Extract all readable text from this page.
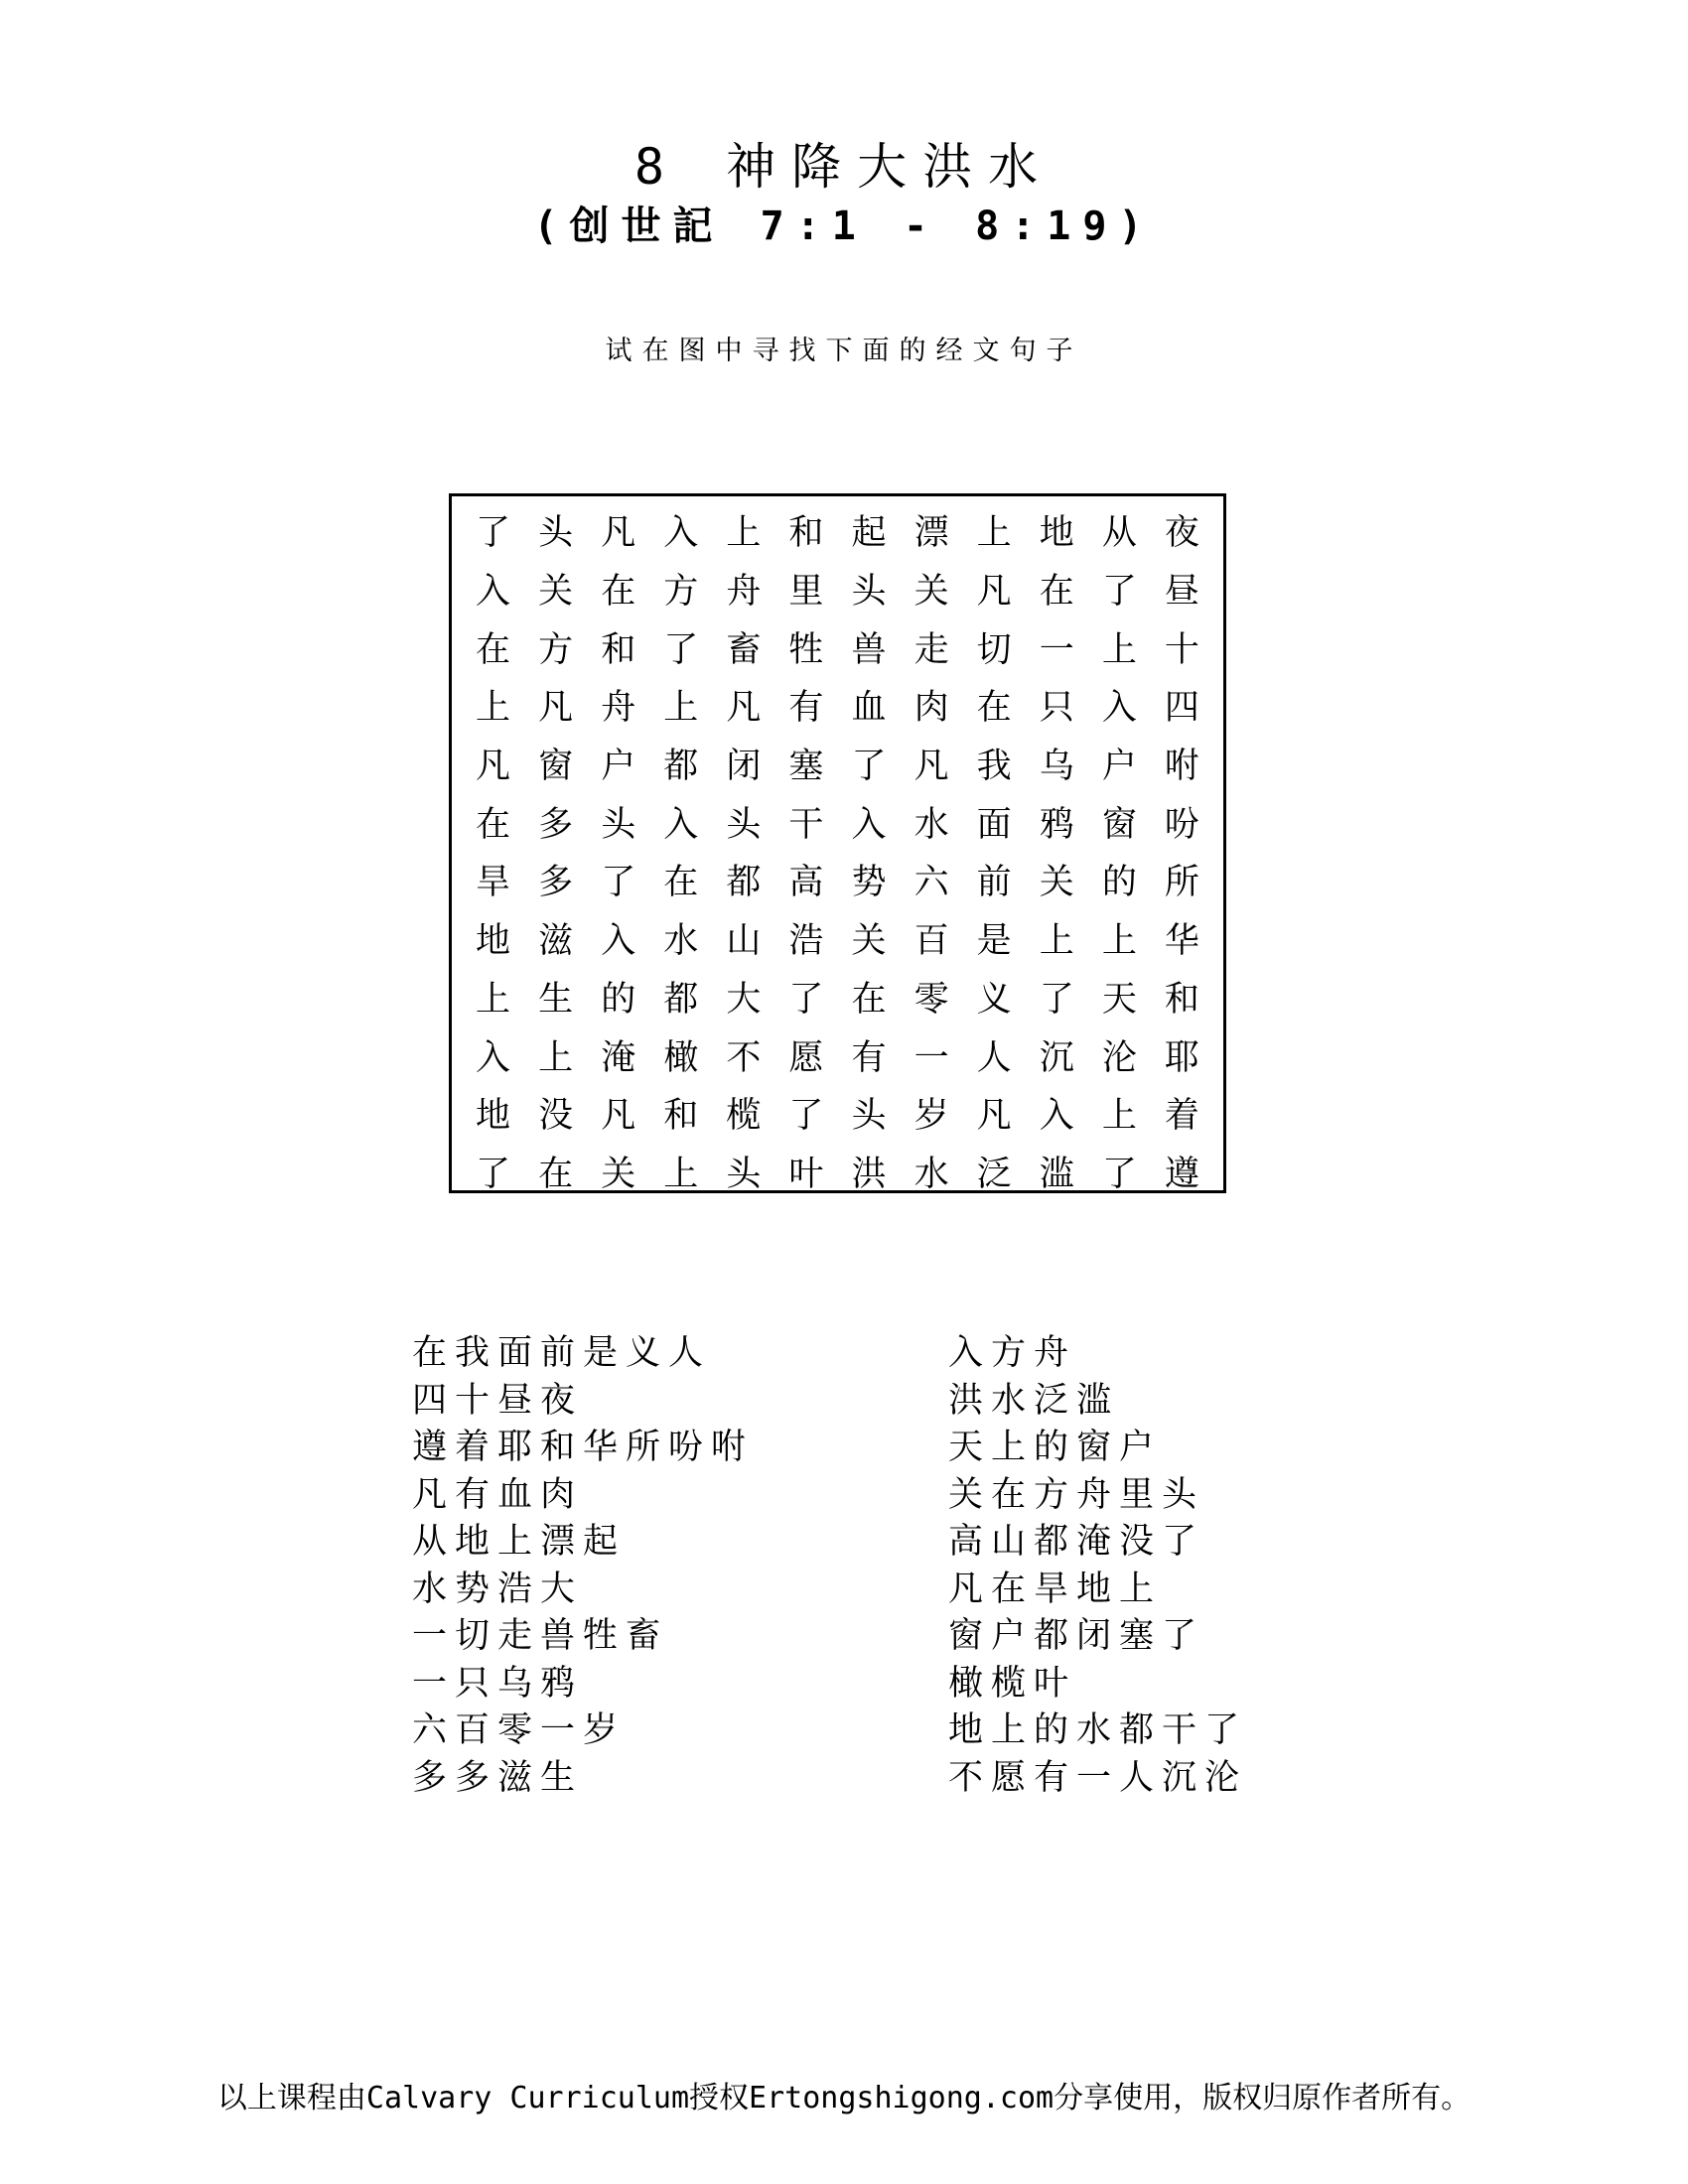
8 神降大洪水
(创世記 7:1 - 8:19)
试在图中寻找下面的经文句子
了 头 凡 入 上 和 起 漂 上 地 从 夜
入 关 在 方 舟 里 头 关 凡 在 了 昼
在 方 和 了 畜 牲 兽 走 切 一 上 十
上 凡 舟 上 凡 有 血 肉 在 只 入 四
凡 窗 户 都 闭 塞 了 凡 我 乌 户 咐
在 多 头 入 头 干 入 水 面 鸦 窗 吩
旱 多 了 在 都 高 势 六 前 关 的 所
地 滋 入 水 山 浩 关 百 是 上 上 华
上 生 的 都 大 了 在 零 义 了 天 和
入 上 淹 橄 不 愿 有 一 人 沉 沦 耶
地 没 凡 和 榄 了 头 岁 凡 入 上 着
了 在 关 上 头 叶 洪 水 泛 滥 了 遵
在我面前是义人
四十昼夜
遵着耶和华所吩咐
凡有血肉
从地上漂起
水势浩大
一切走兽牲畜
一只乌鸦
六百零一岁
多多滋生
入方舟
洪水泛滥
天上的窗户
关在方舟里头
高山都淹没了
凡在旱地上
窗户都闭塞了
橄榄叶
地上的水都干了
不愿有一人沉沦
以上课程由Calvary Curriculum授权Ertongshigong.com分享使用，版权归原作者所有。
